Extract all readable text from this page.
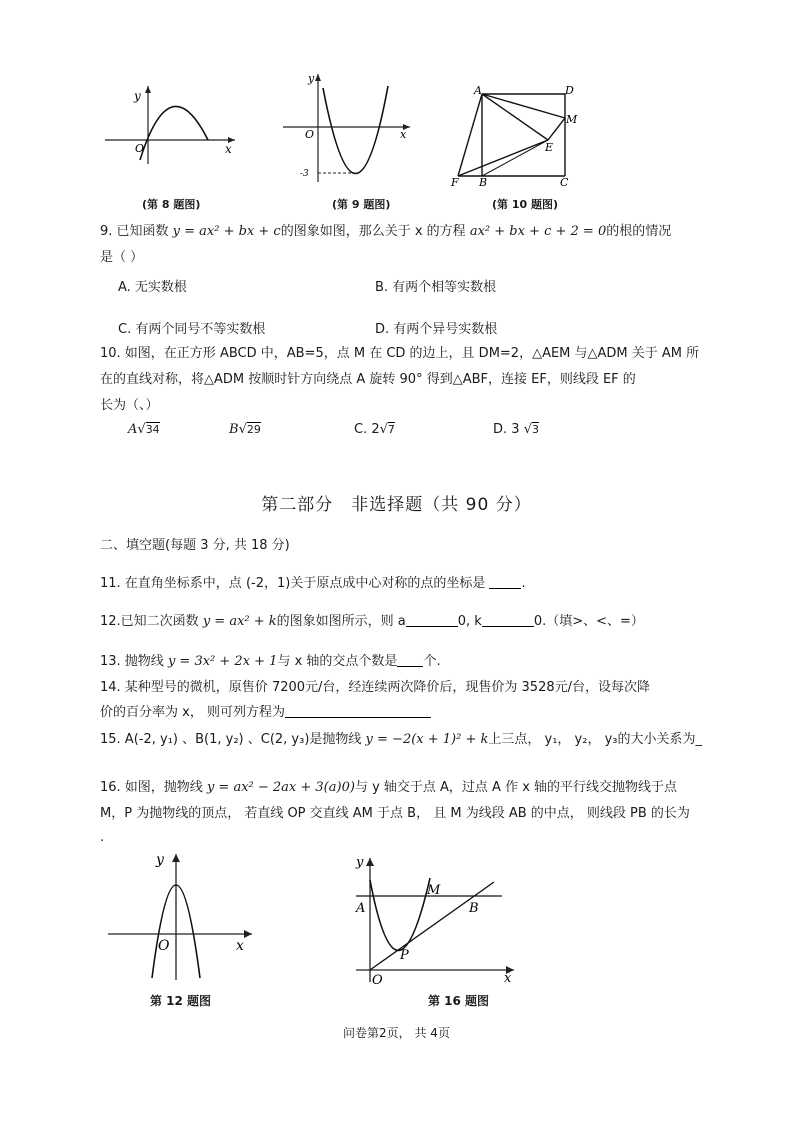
y
x
O
(第 8 题图)
y
x
O
-3
(第 9 题图)
A	D
M
E
F B	C
(第 10 题图)
9. 已知函数 y = ax² + bx + c的图象如图，那么关于 x 的方程 ax² + bx + c + 2 = 0的根的情况
是（ ）
A. 无实数根	B. 有两个相等实数根
C. 有两个同号不等实数根	D. 有两个异号实数根
10. 如图，在正方形 ABCD 中，AB=5，点 M 在 CD 的边上，且 DM=2，△AEM 与△ADM 关于 AM 所
在的直线对称，将△ADM 按顺时针方向绕点 A 旋转 90° 得到△ABF，连接 EF，则线段 EF 的
长为（、）
A√34	B√29	C. 2√7	D. 3 √3
第二部分　非选择题（共 90 分）
二、填空题(每题 3 分, 共 18 分)
11. 在直角坐标系中，点 (-2，1)关于原点成中心对称的点的坐标是 .
12.已知二次函数 y = ax² + k的图象如图所示，则 a	0, k	0.（填>、<、=）
13. 抛物线 y = 3x² + 2x + 1与 x 轴的交点个数是 个.
14. 某种型号的微机，原售价 7200元/台，经连续两次降价后，现售价为 3528元/台，设每次降
价的百分率为 x， 则可列方程为
15. A(-2, y₁) 、B(1, y₂) 、C(2, y₃)是抛物线 y = −2(x + 1)² + k上三点， y₁， y₂， y₃的大小关系为_
16. 如图，抛物线 y = ax² − 2ax + 3(a)0)与 y 轴交于点 A，过点 A 作 x 轴的平行线交抛物线于点
M，P 为抛物线的顶点， 若直线 OP 交直线 AM 于点 B， 且 M 为线段 AB 的中点， 则线段 PB 的长为
.
y
x
O
第 12 题图
y
x
O
A
M
B
P
第 16 题图
问卷第2页， 共 4页
